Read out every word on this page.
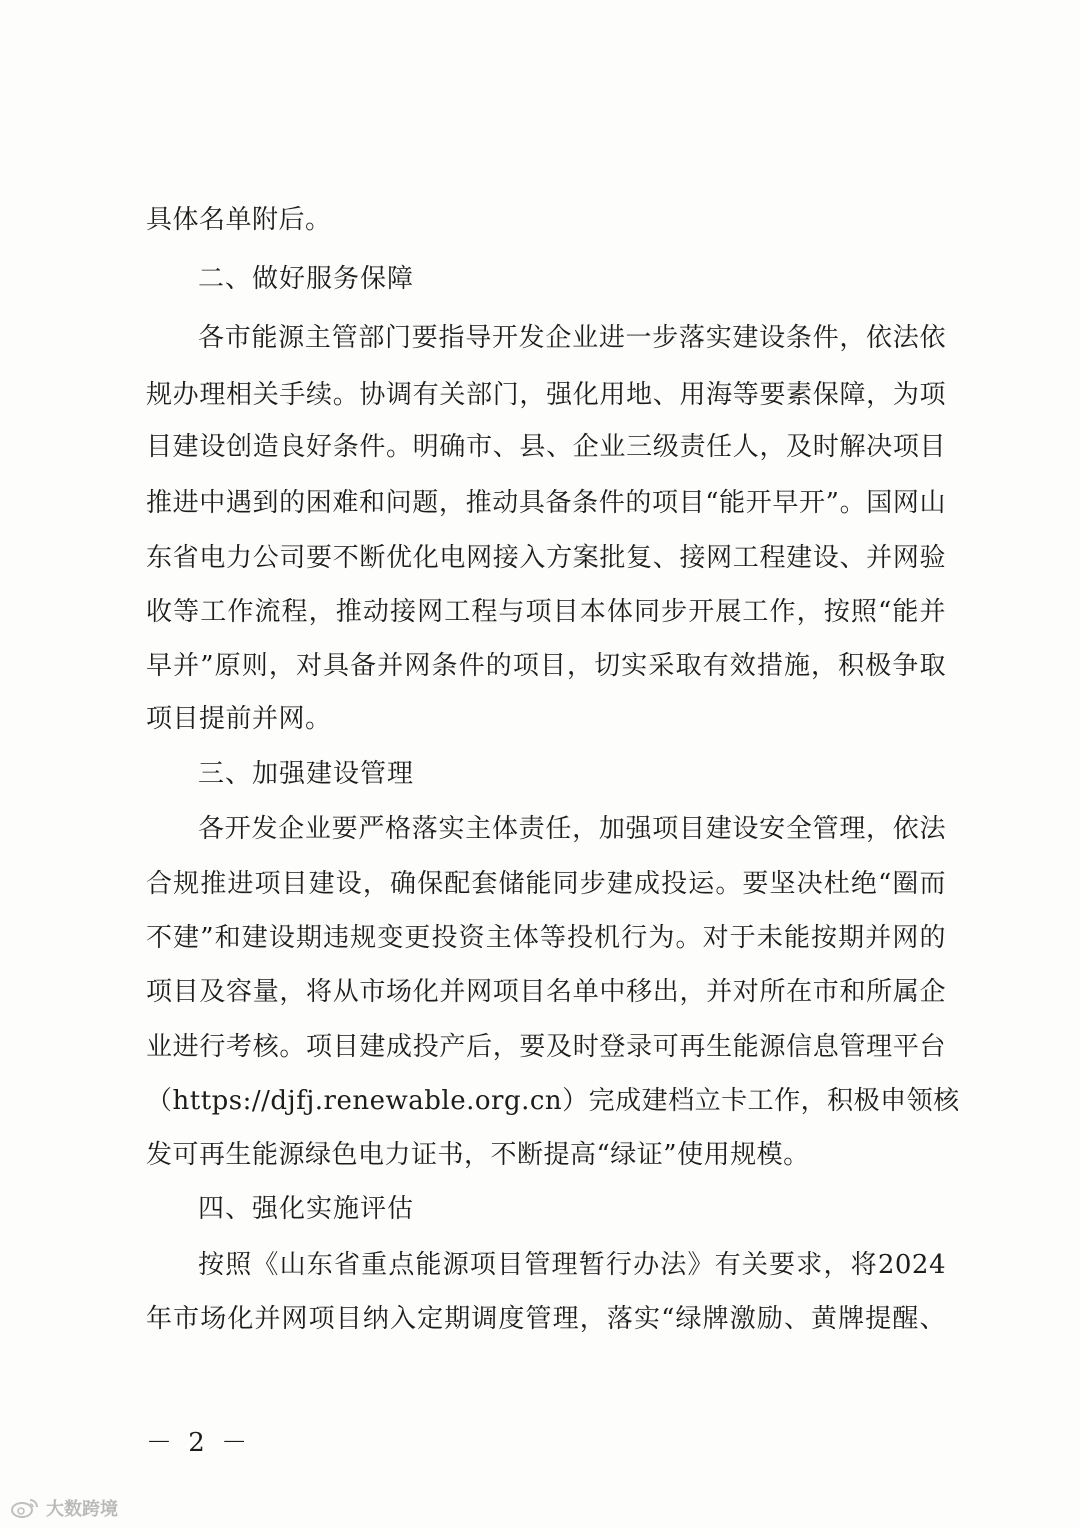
具体名单附后。
二、做好服务保障
各市能源主管部门要指导开发企业进一步落实建设条件，依法依
规办理相关手续。协调有关部门，强化用地、用海等要素保障，为项
目建设创造良好条件。明确市、县、企业三级责任人，及时解决项目
推进中遇到的困难和问题，推动具备条件的项目“能开早开”。国网山
东省电力公司要不断优化电网接入方案批复、接网工程建设、并网验
收等工作流程，推动接网工程与项目本体同步开展工作，按照“能并
早并”原则，对具备并网条件的项目，切实采取有效措施，积极争取
项目提前并网。
三、加强建设管理
各开发企业要严格落实主体责任，加强项目建设安全管理，依法
合规推进项目建设，确保配套储能同步建成投运。要坚决杜绝“圈而
不建”和建设期违规变更投资主体等投机行为。对于未能按期并网的
项目及容量，将从市场化并网项目名单中移出，并对所在市和所属企
业进行考核。项目建成投产后，要及时登录可再生能源信息管理平台
（https://djfj.renewable.org.cn）完成建档立卡工作，积极申领核
发可再生能源绿色电力证书，不断提高“绿证”使用规模。
四、强化实施评估
按照《山东省重点能源项目管理暂行办法》有关要求，将2024
年市场化并网项目纳入定期调度管理，落实“绿牌激励、黄牌提醒、
－ 2 －
大数跨境
